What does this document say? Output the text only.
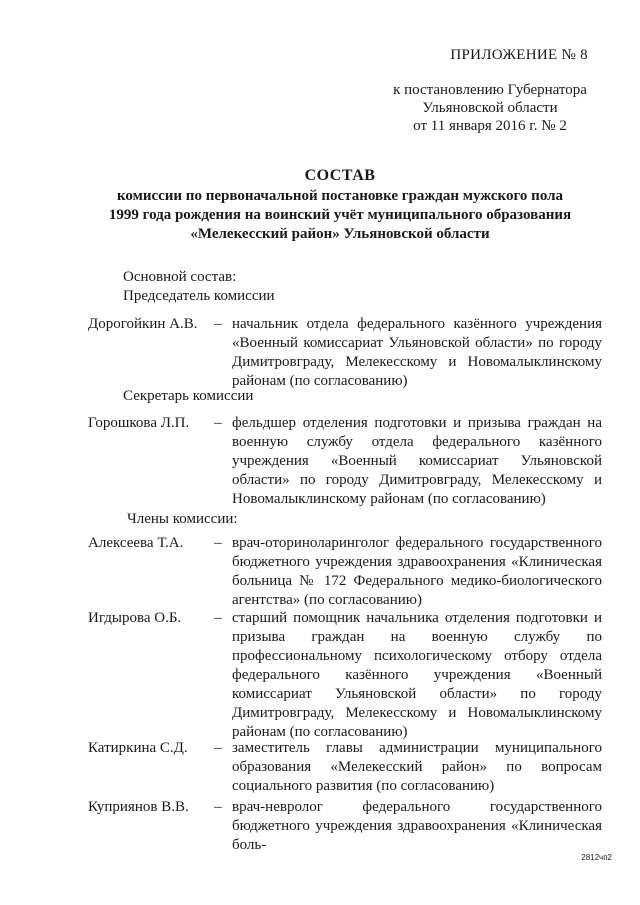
ПРИЛОЖЕНИЕ № 8
к постановлению Губернатора
Ульяновской области
от 11 января 2016 г. № 2
СОСТАВ
комиссии по первоначальной постановке граждан мужского пола
1999 года рождения на воинский учёт муниципального образования
«Мелекесский район» Ульяновской области
Основной состав:
Председатель комиссии
Дорогойкин А.В.	– начальник отдела федерального казённого учреждения «Военный комиссариат Ульяновской области» по городу Димитровграду, Мелекесскому и Новомалыклинскому районам (по согласованию)
Секретарь комиссии
Горошкова Л.П.	– фельдшер отделения подготовки и призыва граждан на военную службу отдела федерального казённого учреждения «Военный комиссариат Ульяновской области» по городу Димитровграду, Мелекесскому и Новомалыклинскому районам (по согласованию)
Члены комиссии:
Алексеева Т.А.	– врач-оториноларинголог федерального государственного бюджетного учреждения здравоохранения «Клиническая больница № 172 Федерального медико-биологического агентства» (по согласованию)
Игдырова О.Б.	– старший помощник начальника отделения подготовки и призыва граждан на военную службу по профессиональному психологическому отбору отдела федерального казённого учреждения «Военный комиссариат Ульяновской области» по городу Димитровграду, Мелекесскому и Новомалыклинскому районам (по согласованию)
Катиркина С.Д.	– заместитель главы администрации муниципального образования «Мелекесский район» по вопросам социального развития (по согласованию)
Куприянов В.В.	– врач-невролог федерального государственного бюджетного учреждения здравоохранения «Клиническая боль-
2812чп2
